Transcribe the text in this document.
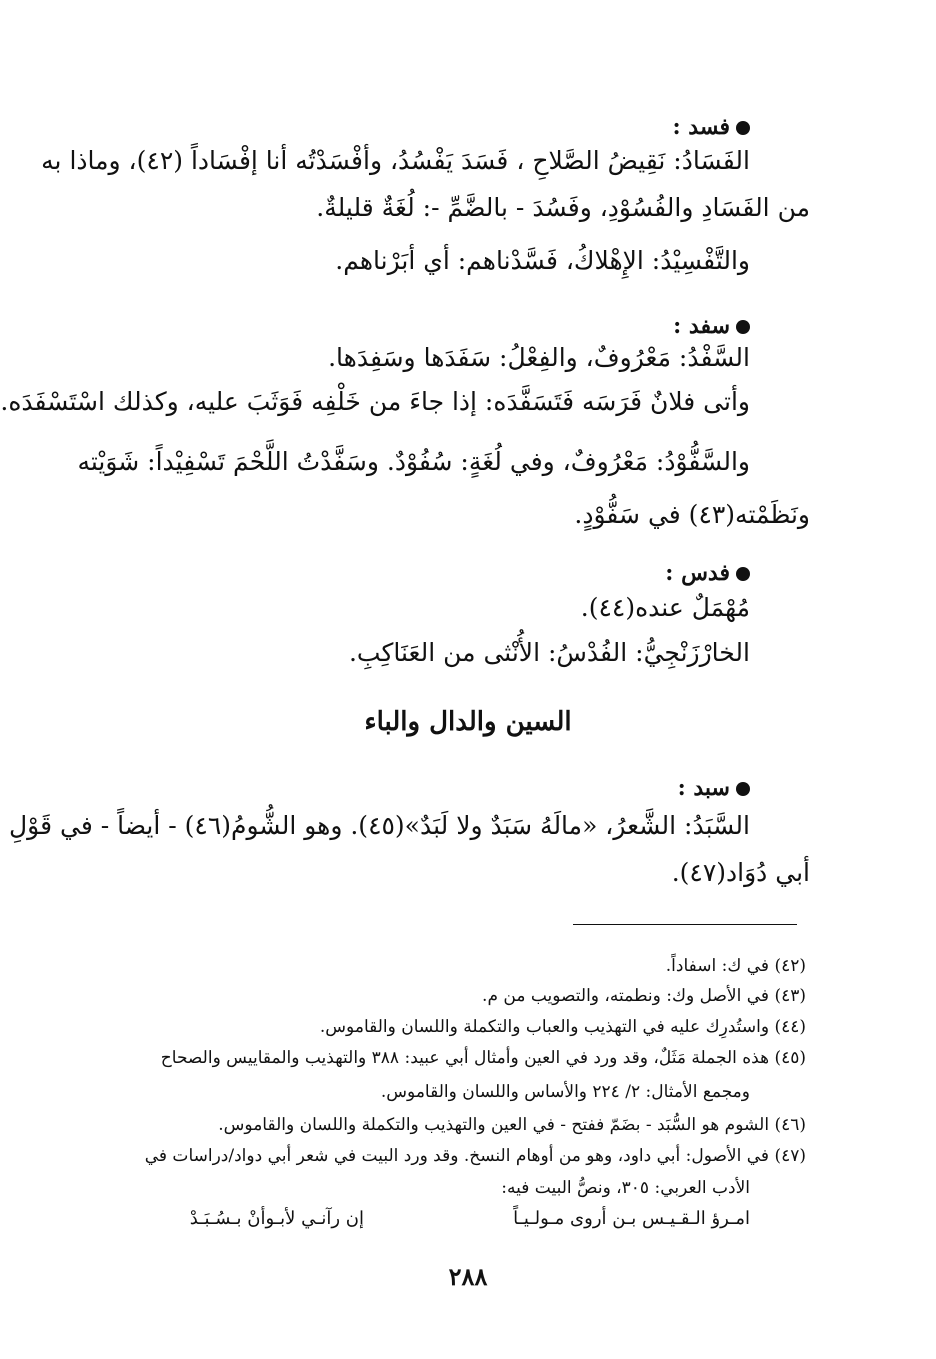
فسد :
الفَسَادُ: نَقِيضُ الصَّلاحِ ، فَسَدَ يَفْسُدُ، وأفْسَدْتُه أنا إفْسَاداً (٤٢)، وماذا به
من الفَسَادِ والفُسُوْدِ، وفَسُدَ - بالضَّمِّ -: لُغَةٌ قليلةٌ.
والتَّفْسِيْدُ: الإِهْلاكُ، فَسَّدْناهم: أي أبَرْناهم.
سفد :
السَّفْدُ: مَعْرُوفٌ، والفِعْلُ: سَفَدَها وسَفِدَها.
وأتى فلانٌ فَرَسَه فَتَسَفَّدَه: إذا جاءَ من خَلْفِه فَوَثَبَ عليه، وكذلك اسْتَسْفَدَه.
والسَّفُّوْدُ: مَعْرُوفٌ، وفي لُغَةٍ: سُفُوْدٌ. وسَفَّدْتُ اللَّحْمَ تَسْفِيْداً: شَوَيْته
ونَظَمْته(٤٣) في سَفُّوْدٍ.
فدس :
مُهْمَلٌ عنده(٤٤).
الخارْزَنْجِيُّ: الفُدْسُ: الأُنْثى من العَنَاكِبِ.
السين والدال والباء
سبد :
السَّبَدُ: الشَّعرُ، «مالَهُ سَبَدٌ ولا لَبَدٌ»(٤٥). وهو الشُّومُ(٤٦) - أيضاً - في قَوْلِ
أبي دُوَاد(٤٧).
(٤٢) في ك: اسفاداً.
(٤٣) في الأصل وك: ونطمته، والتصويب من م.
(٤٤) واستُدرِك عليه في التهذيب والعباب والتكملة واللسان والقاموس.
(٤٥) هذه الجملة مَثَلٌ، وقد ورد في العين وأمثال أبي عبيد: ٣٨٨ والتهذيب والمقاييس والصحاح
ومجمع الأمثال: ٢/ ٢٢٤ والأساس واللسان والقاموس.
(٤٦) الشوم هو السُّبَد - بضَمّ ففتح - في العين والتهذيب والتكملة واللسان والقاموس.
(٤٧) في الأصول: أبي داود، وهو من أوهام النسخ. وقد ورد البيت في شعر أبي دواد/دراسات في
الأدب العربي: ٣٠٥، ونصُّ البيت فيه:
امـرؤ الـقـيـس بـن أروى مـولـيـاً
إن رآنـي لأبـوأنْ بـسُـبَـدْ
٢٨٨
